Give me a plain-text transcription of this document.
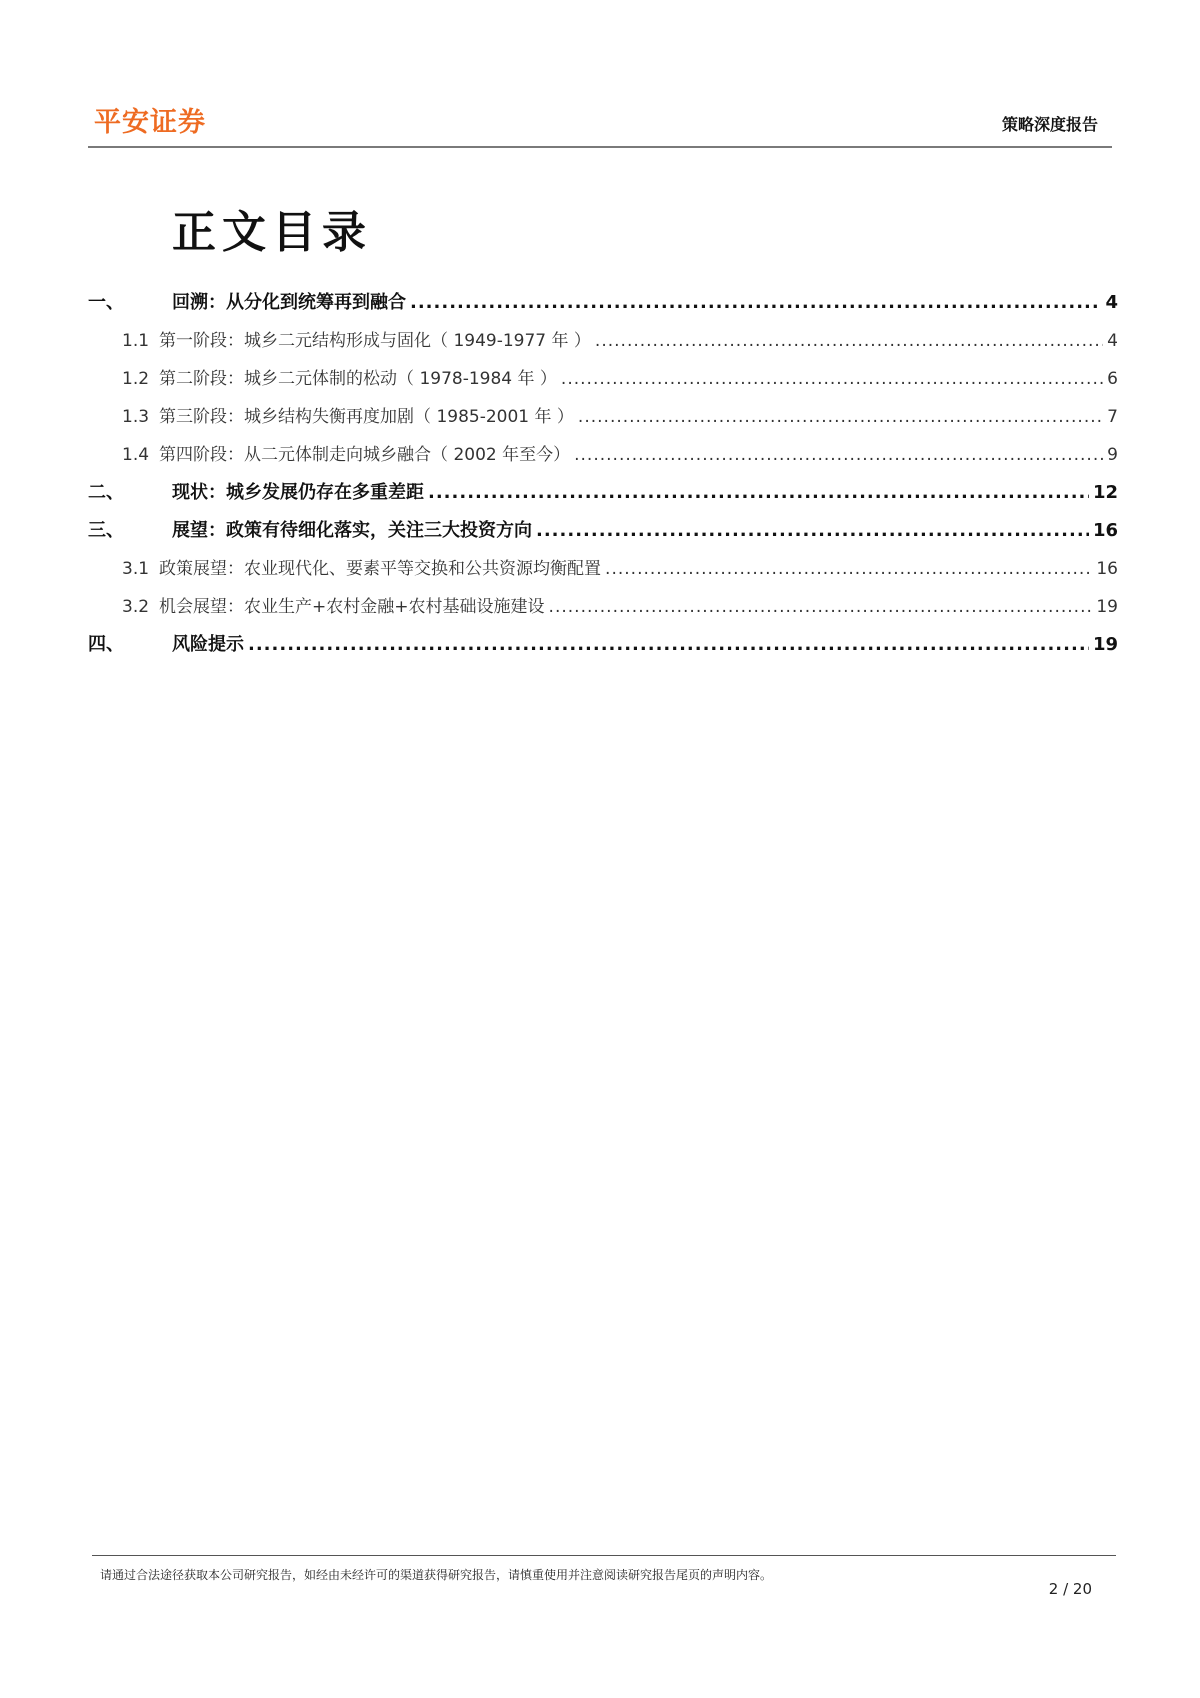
平安证券	策略深度报告
正文目录
一、	回溯：从分化到统筹再到融合 .....	4
1.1 第一阶段：城乡二元结构形成与固化（ 1949-1977 年 ） .....	4
1.2 第二阶段：城乡二元体制的松动（ 1978-1984 年 ） .....	6
1.3 第三阶段：城乡结构失衡再度加剧（ 1985-2001 年 ） .....	7
1.4 第四阶段：从二元体制走向城乡融合（ 2002 年至今） .....	9
二、	现状：城乡发展仍存在多重差距 .....	12
三、	展望：政策有待细化落实，关注三大投资方向 .....	16
3.1 政策展望：农业现代化、要素平等交换和公共资源均衡配置 .....	16
3.2 机会展望：农业生产+农村金融+农村基础设施建设 .....	19
四、	风险提示 .....	19
请通过合法途径获取本公司研究报告，如经由未经许可的渠道获得研究报告，请慎重使用并注意阅读研究报告尾页的声明内容。
2 / 20
